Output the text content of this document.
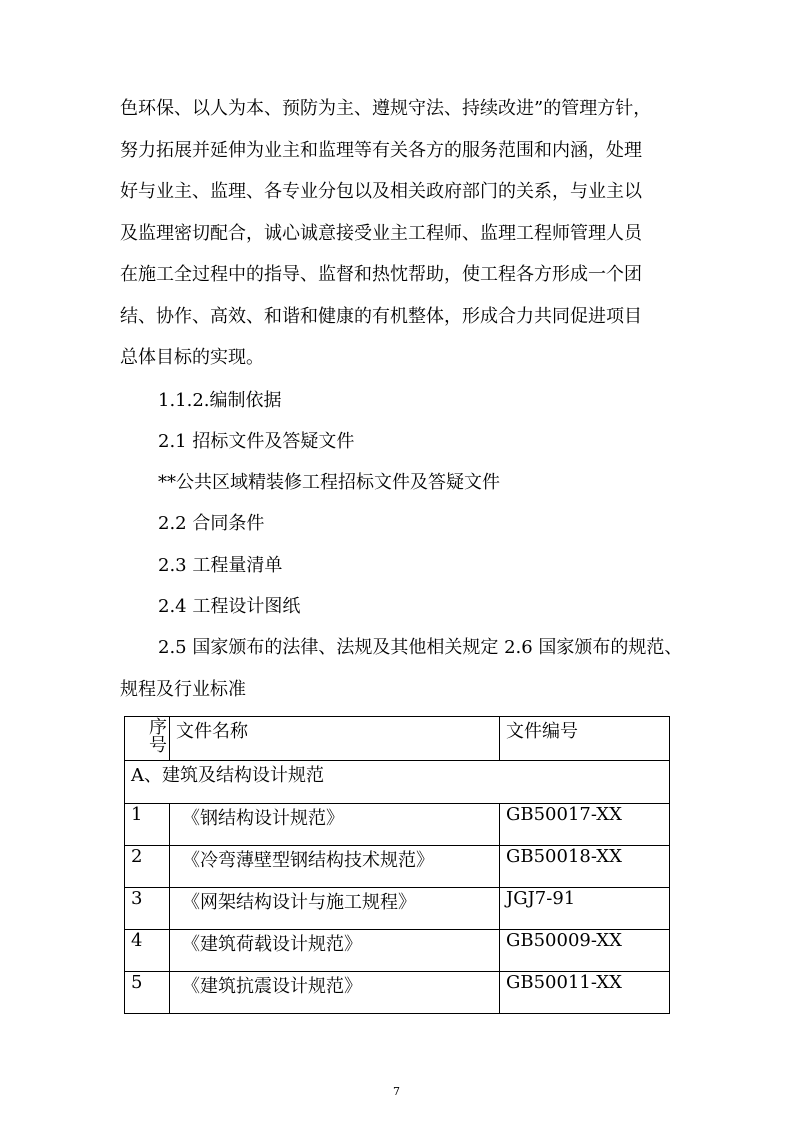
色环保、以人为本、预防为主、遵规守法、持续改进”的管理方针，
努力拓展并延伸为业主和监理等有关各方的服务范围和内涵，处理
好与业主、监理、各专业分包以及相关政府部门的关系，与业主以
及监理密切配合，诚心诚意接受业主工程师、监理工程师管理人员
在施工全过程中的指导、监督和热忱帮助，使工程各方形成一个团
结、协作、高效、和谐和健康的有机整体，形成合力共同促进项目
总体目标的实现。
1.1.2.编制依据
2.1 招标文件及答疑文件
**公共区域精装修工程招标文件及答疑文件
2.2 合同条件
2.3 工程量清单
2.4 工程设计图纸
2.5 国家颁布的法律、法规及其他相关规定 2.6 国家颁布的规范、
规程及行业标准
序号	文件名称	文件编号
A、建筑及结构设计规范		
1	《钢结构设计规范》	GB50017-XX
2	《冷弯薄壁型钢结构技术规范》	GB50018-XX
3	《网架结构设计与施工规程》	JGJ7-91
4	《建筑荷载设计规范》	GB50009-XX
5	《建筑抗震设计规范》	GB50011-XX
7
